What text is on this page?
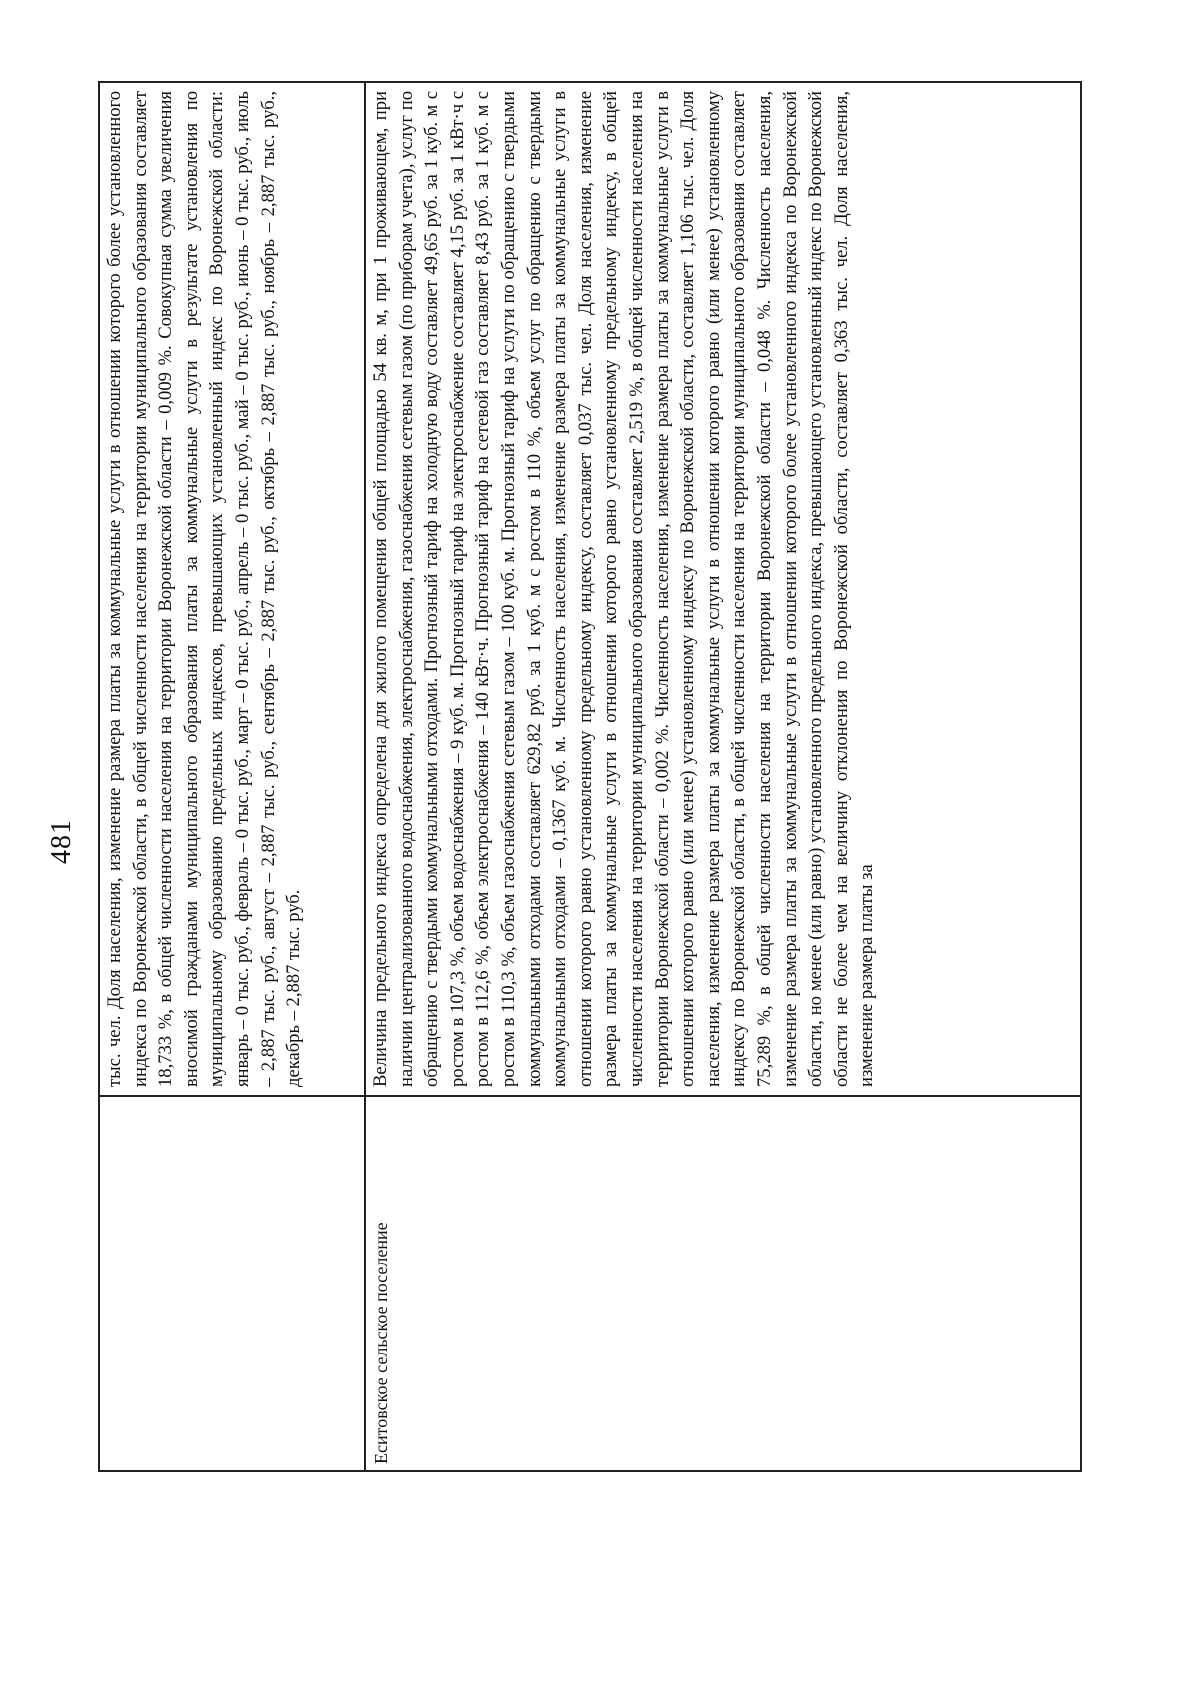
481 тыс. чел. Доля населения, изменение размера платы за коммунальные услуги в отношении которого более установленного индекса по Воронежской области, в общей численности населения на территории муниципального образования составляет 18,733 %, в общей численности населения на территории Воронежской области – 0,009 %. Совокупная сумма увеличения вносимой гражданами муниципального образования платы за коммунальные услуги в результате установления по муниципальному образованию предельных индексов, превышающих установленный индекс по Воронежской области: январь – 0 тыс. руб., февраль – 0 тыс. руб., март – 0 тыс. руб., апрель – 0 тыс. руб., май – 0 тыс. руб., июнь – 0 тыс. руб., июль – 2,887 тыс. руб., август – 2,887 тыс. руб., сентябрь – 2,887 тыс. руб., октябрь – 2,887 тыс. руб., ноябрь – 2,887 тыс. руб., декабрь – 2,887 тыс. руб.
Еситовское сельское поселение
Величина предельного индекса определена для жилого помещения общей площадью 54 кв. м, при 1 проживающем, при наличии централизованного водоснабжения, электроснабжения, газоснабжения сетевым газом (по приборам учета), услуг по обращению с твердыми коммунальными отходами. Прогнозный тариф на холодную воду составляет 49,65 руб. за 1 куб. м с ростом в 107,3 %, объем водоснабжения – 9 куб. м. Прогнозный тариф на электроснабжение составляет 4,15 руб. за 1 кВт·ч с ростом в 112,6 %, объем электроснабжения – 140 кВт·ч. Прогнозный тариф на сетевой газ составляет 8,43 руб. за 1 куб. м с ростом в 110,3 %, объем газоснабжения сетевым газом – 100 куб. м. Прогнозный тариф на услуги по обращению с твердыми коммунальными отходами составляет 629,82 руб. за 1 куб. м с ростом в 110 %, объем услуг по обращению с твердыми коммунальными отходами – 0,1367 куб. м. Численность населения, изменение размера платы за коммунальные услуги в отношении которого равно установленному предельному индексу, составляет 0,037 тыс. чел. Доля населения, изменение размера платы за коммунальные услуги в отношении которого равно установленному предельному индексу, в общей численности населения на территории муниципального образования составляет 2,519 %, в общей численности населения на территории Воронежской области – 0,002 %. Численность населения, изменение размера платы за коммунальные услуги в отношении которого равно (или менее) установленному индексу по Воронежской области, составляет 1,106 тыс. чел. Доля населения, изменение размера платы за коммунальные услуги в отношении которого равно (или менее) установленному индексу по Воронежской области, в общей численности населения на территории муниципального образования составляет 75,289 %, в общей численности населения на территории Воронежской области – 0,048 %. Численность населения, изменение размера платы за коммунальные услуги в отношении которого более установленного индекса по Воронежской области, но менее (или равно) установленного предельного индекса, превышающего установленный индекс по Воронежской области не более чем на величину отклонения по Воронежской области, составляет 0,363 тыс. чел. Доля населения, изменение размера платы за
